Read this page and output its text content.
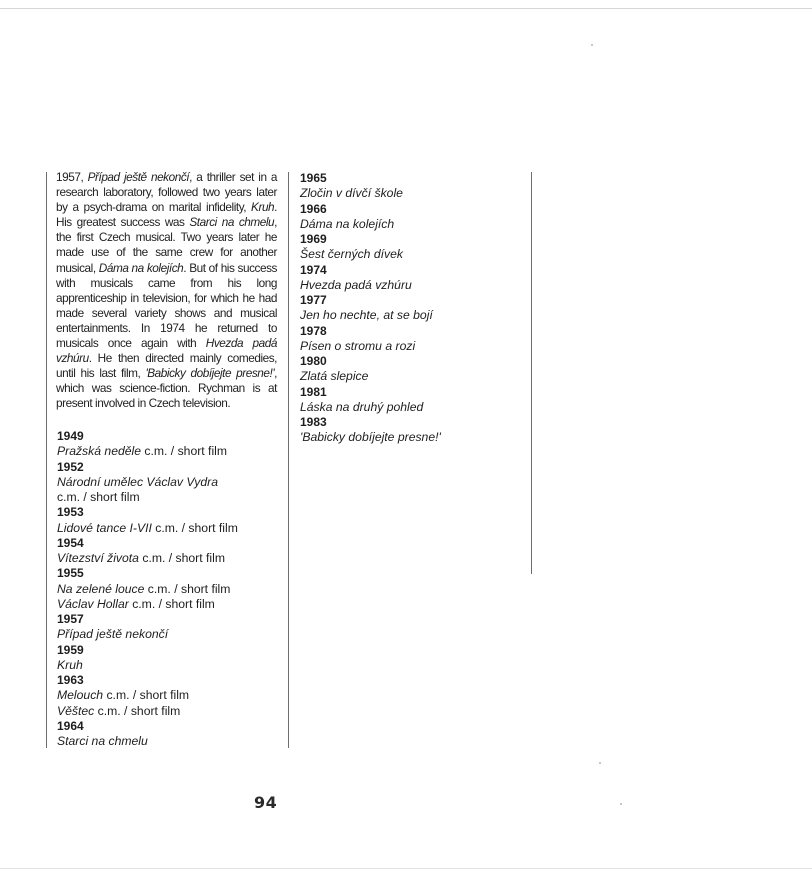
1957, Případ ještě nekončí, a thriller set in a research laboratory, followed two years later by a psych-drama on marital infidelity, Kruh. His greatest success was Starci na chmelu, the first Czech musical. Two years later he made use of the same crew for another musical, Dáma na kolejích. But of his success with musicals came from his long apprenticeship in television, for which he had made several variety shows and musical entertainments. In 1974 he returned to musicals once again with Hvezda padá vzhúru. He then directed mainly comedies, until his last film, 'Babicky dobíjejte presne!', which was science-fiction. Rychman is at present involved in Czech television.
1949
Pražská neděle c.m. / short film
1952
Národní umělec Václav Vydra
c.m. / short film
1953
Lidové tance I-VII c.m. / short film
1954
Vítezství života c.m. / short film
1955
Na zelené louce c.m. / short film
Václav Hollar c.m. / short film
1957
Případ ještě nekončí
1959
Kruh
1963
Melouch c.m. / short film
Věštec c.m. / short film
1964
Starci na chmelu
1965
Zločin v dívčí škole
1966
Dáma na kolejích
1969
Šest černých dívek
1974
Hvezda padá vzhúru
1977
Jen ho nechte, at se bojí
1978
Písen o stromu a rozi
1980
Zlatá slepice
1981
Láska na druhý pohled
1983
'Babicky dobíjejte presne!'
94
